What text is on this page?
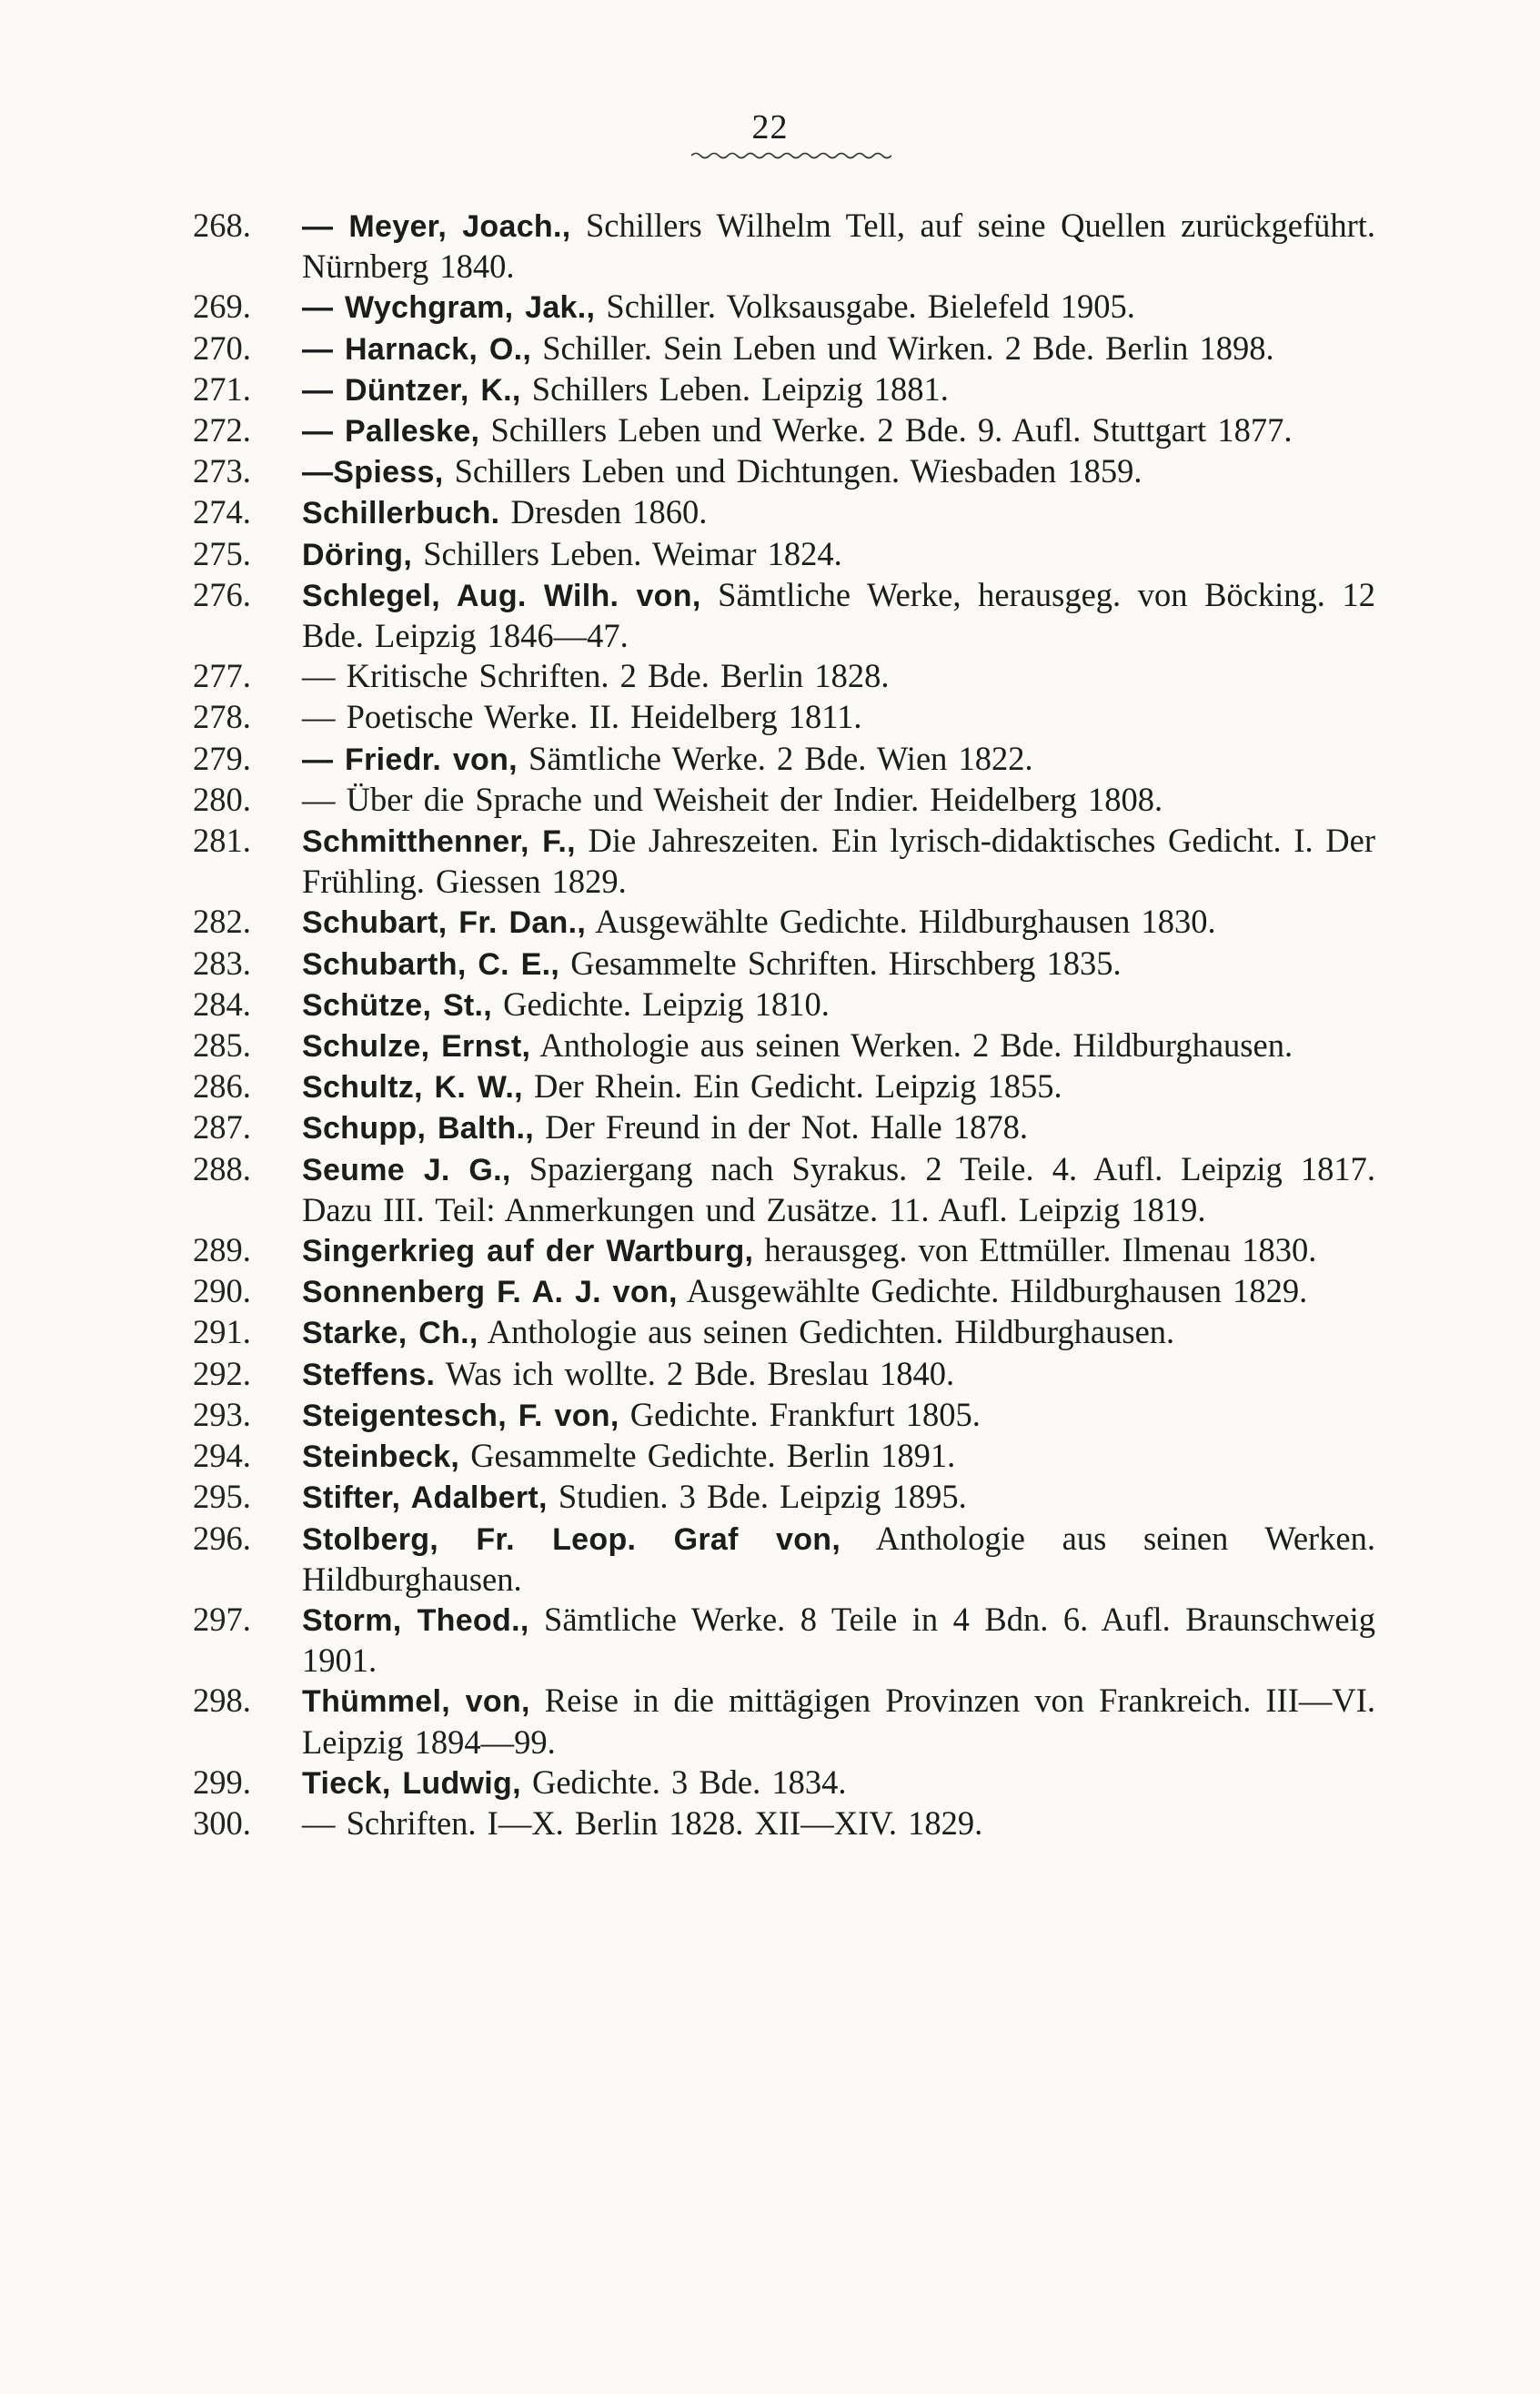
22
268.	— Meyer, Joach., Schillers Wilhelm Tell, auf seine Quellen zurückgeführt. Nürnberg 1840.
269.	— Wychgram, Jak., Schiller. Volksausgabe. Bielefeld 1905.
270.	— Harnack, O., Schiller. Sein Leben und Wirken. 2 Bde. Berlin 1898.
271.	— Düntzer, K., Schillers Leben. Leipzig 1881.
272.	— Palleske, Schillers Leben und Werke. 2 Bde. 9. Aufl. Stuttgart 1877.
273.	—Spiess, Schillers Leben und Dichtungen. Wiesbaden 1859.
274.	Schillerbuch. Dresden 1860.
275.	Döring, Schillers Leben. Weimar 1824.
276.	Schlegel, Aug. Wilh. von, Sämtliche Werke, herausgeg. von Böcking. 12 Bde. Leipzig 1846—47.
277.	— Kritische Schriften. 2 Bde. Berlin 1828.
278.	— Poetische Werke. II. Heidelberg 1811.
279.	— Friedr. von, Sämtliche Werke. 2 Bde. Wien 1822.
280.	— Über die Sprache und Weisheit der Indier. Heidelberg 1808.
281.	Schmitthenner, F., Die Jahreszeiten. Ein lyrisch-didaktisches Gedicht. I. Der Frühling. Giessen 1829.
282.	Schubart, Fr. Dan., Ausgewählte Gedichte. Hildburghausen 1830.
283.	Schubarth, C. E., Gesammelte Schriften. Hirschberg 1835.
284.	Schütze, St., Gedichte. Leipzig 1810.
285.	Schulze, Ernst, Anthologie aus seinen Werken. 2 Bde. Hildburghausen.
286.	Schultz, K. W., Der Rhein. Ein Gedicht. Leipzig 1855.
287.	Schupp, Balth., Der Freund in der Not. Halle 1878.
288.	Seume J. G., Spaziergang nach Syrakus. 2 Teile. 4. Aufl. Leipzig 1817. Dazu III. Teil: Anmerkungen und Zusätze. 11. Aufl. Leipzig 1819.
289.	Singerkrieg auf der Wartburg, herausgeg. von Ettmüller. Ilmenau 1830.
290.	Sonnenberg F. A. J. von, Ausgewählte Gedichte. Hildburghausen 1829.
291.	Starke, Ch., Anthologie aus seinen Gedichten. Hildburghausen.
292.	Steffens. Was ich wollte. 2 Bde. Breslau 1840.
293.	Steigentesch, F. von, Gedichte. Frankfurt 1805.
294.	Steinbeck, Gesammelte Gedichte. Berlin 1891.
295.	Stifter, Adalbert, Studien. 3 Bde. Leipzig 1895.
296.	Stolberg, Fr. Leop. Graf von, Anthologie aus seinen Werken. Hildburghausen.
297.	Storm, Theod., Sämtliche Werke. 8 Teile in 4 Bdn. 6. Aufl. Braunschweig 1901.
298.	Thümmel, von, Reise in die mittägigen Provinzen von Frankreich. III—VI. Leipzig 1894—99.
299.	Tieck, Ludwig, Gedichte. 3 Bde. 1834.
300.	— Schriften. I—X. Berlin 1828. XII—XIV. 1829.
